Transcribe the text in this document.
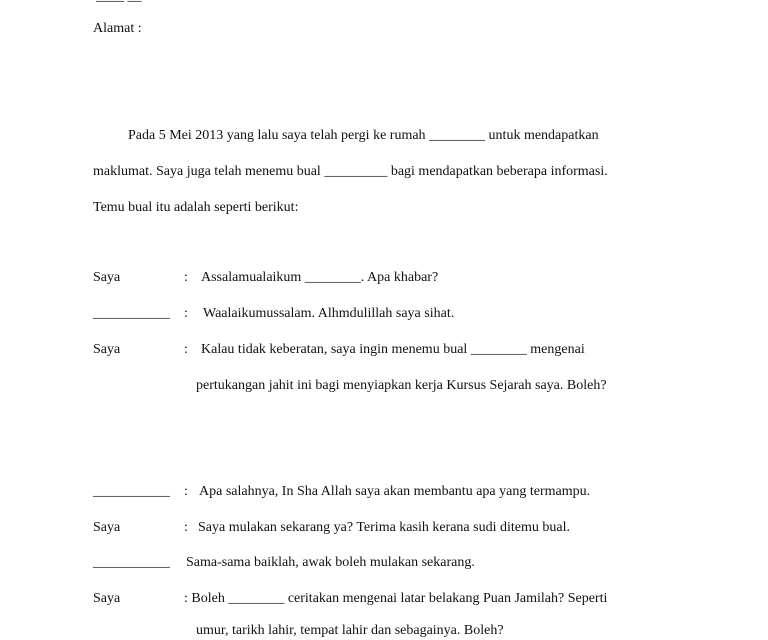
Alamat :
Pada 5 Mei 2013 yang lalu saya telah pergi ke rumah ________ untuk mendapatkan
maklumat. Saya juga telah menemu bual _________ bagi mendapatkan beberapa informasi.
Temu bual itu adalah seperti berikut:
Saya	: Assalamualaikum ________. Apa khabar?
___________ : Waalaikumussalam. Alhmdulillah saya sihat.
Saya	: Kalau tidak keberatan, saya ingin menemu bual ________ mengenai
pertukangan jahit ini bagi menyiapkan kerja Kursus Sejarah saya. Boleh?
___________ : Apa salahnya, In Sha Allah saya akan membantu apa yang termampu.
Saya	: Saya mulakan sekarang ya? Terima kasih kerana sudi ditemu bual.
___________ Sama-sama baiklah, awak boleh mulakan sekarang.
Saya	: Boleh ________ ceritakan mengenai latar belakang Puan Jamilah? Seperti
umur, tarikh lahir, tempat lahir dan sebagainya. Boleh?
